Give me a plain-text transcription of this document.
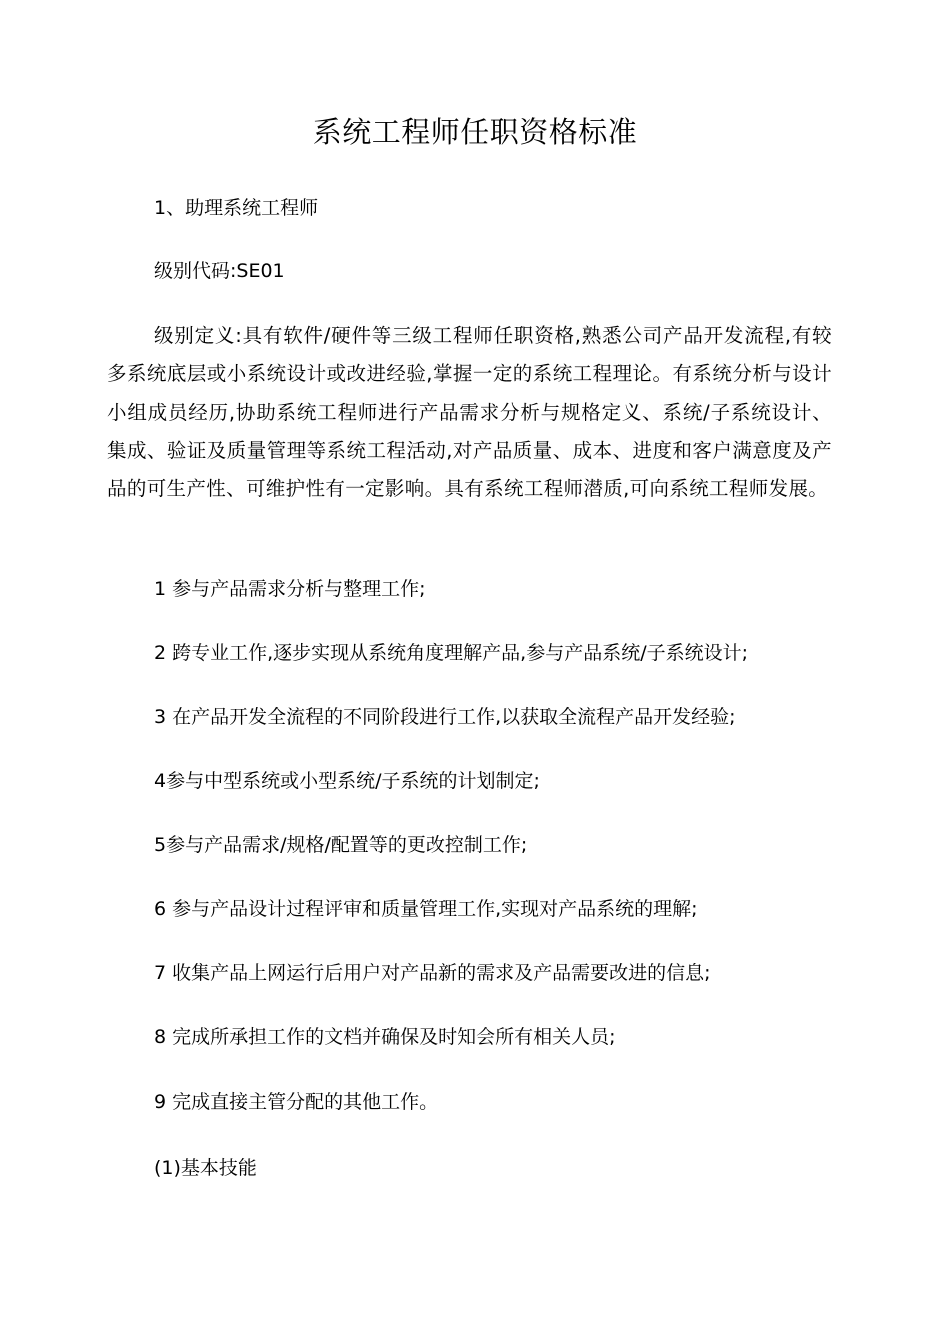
系统工程师任职资格标准
1、助理系统工程师
级别代码:SE01
级别定义:具有软件/硬件等三级工程师任职资格,熟悉公司产品开发流程,有较多系统底层或小系统设计或改进经验,掌握一定的系统工程理论。有系统分析与设计小组成员经历,协助系统工程师进行产品需求分析与规格定义、系统/子系统设计、集成、验证及质量管理等系统工程活动,对产品质量、成本、进度和客户满意度及产品的可生产性、可维护性有一定影响。具有系统工程师潜质,可向系统工程师发展。
1 参与产品需求分析与整理工作;
2 跨专业工作,逐步实现从系统角度理解产品,参与产品系统/子系统设计;
3 在产品开发全流程的不同阶段进行工作,以获取全流程产品开发经验;
4参与中型系统或小型系统/子系统的计划制定;
5参与产品需求/规格/配置等的更改控制工作;
6 参与产品设计过程评审和质量管理工作,实现对产品系统的理解;
7 收集产品上网运行后用户对产品新的需求及产品需要改进的信息;
8 完成所承担工作的文档并确保及时知会所有相关人员;
9 完成直接主管分配的其他工作。
(1)基本技能
